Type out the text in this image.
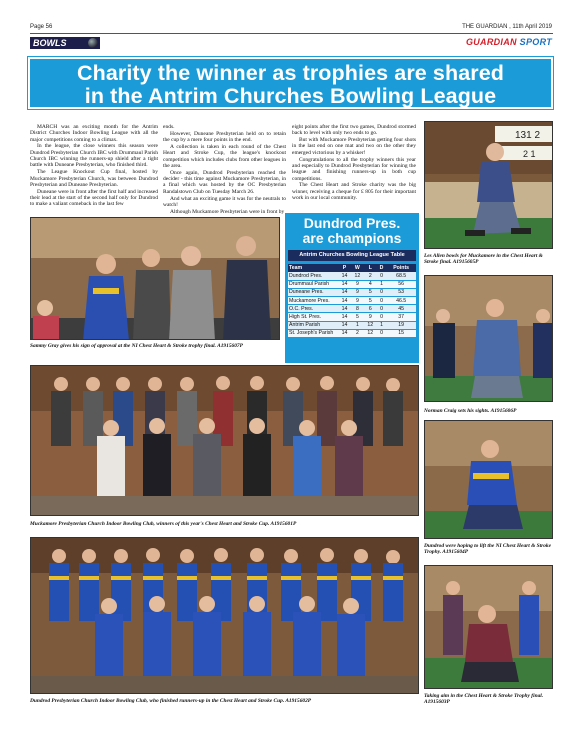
Page 56	THE GUARDIAN , 11th April 2019
BOWLS	GUARDIAN SPORT
Charity the winner as trophies are shared
in the Antrim Churches Bowling League

MARCH was an exciting month for the Antrim District Churches Indoor Bowling League with all the major competitions coming to a climax.

In the league, the close winners this season were Dundrod Presbyterian Church IBC with Drummaul Parish Church IBC winning the runners-up shield after a tight battle with Duneane Presbyterian, who finished third.

The League Knockout Cup final, hosted by Muckamore Presbyterian Church, was between Dundrod Presbyterian and Duneane Presbyterian.

Duneane were in front after the first half and increased their lead at the start of the second half only for Dundrod to make a valiant comeback in the last few

ends.

However, Duneane Presbyterian held on to retain the cup by a mere four points in the end.

A collection is taken in each round of the Chest Heart and Stroke Cup, the league's knockout competition which includes clubs from other leagues in the area.

Once again, Dundrod Presbyterian reached the decider - this time against Muckamore Presbyterian, in a final which was hosted by the OC Presbyterian Randalstown Club on Tuesday March 26.

And what an exciting game it was for the neutrals to watch!

Although Muckamore Presbyterian were in front by

eight points after the first two games, Dundrod stormed back to level with only two ends to go.

But with Muckamore Presbyterian getting four shots in the last end on one mat and two on the other they emerged victorious by a whisker!

Congratulations to all the trophy winners this year and especially to Dundrod Presbyterian for winning the league and finishing runners-up in both cup competitions.

The Chest Heart and Stroke charity was the big winner, receiving a cheque for £ 805 for their important work in our local community.

131 2
2 1
Les Allen bowls for Muckamore in the Chest Heart & Stroke final. A1915605P
Sammy Gray gives his sign of approval at the NI Chest Heart & Stroke trophy final. A1915607P
Dundrod Pres.
are champions
Antrim Churches Bowling League Table
Team	P	W	L	D	Points
Dundrod Pres.	14	12	2	0	68.5
Drummaul Parish	14	9	4	1	56
Duneane Pres.	14	9	5	0	53
Muckamore Pres.	14	9	5	0	46.5
O.C. Pres.	14	8	6	0	45
High St. Pres.	14	5	9	0	37
Antrim Parish	14	1	12	1	19
St. Joseph's Parish	14	2	12	0	15
Norman Craig sets his sights. A1915606P
Muckamore Presbyterian Church Indoor Bowling Club, winners of this year's Chest Heart and Stroke Cup. A1915601P
Dundrod were hoping to lift the NI Chest Heart & Stroke Trophy. A1915604P
Dundrod Presbyterian Church Indoor Bowling Club, who finished runners-up in the Chest Heart and Stroke Cup. A1915602P
Taking aim in the Chest Heart & Stroke Trophy final. A1915603P
